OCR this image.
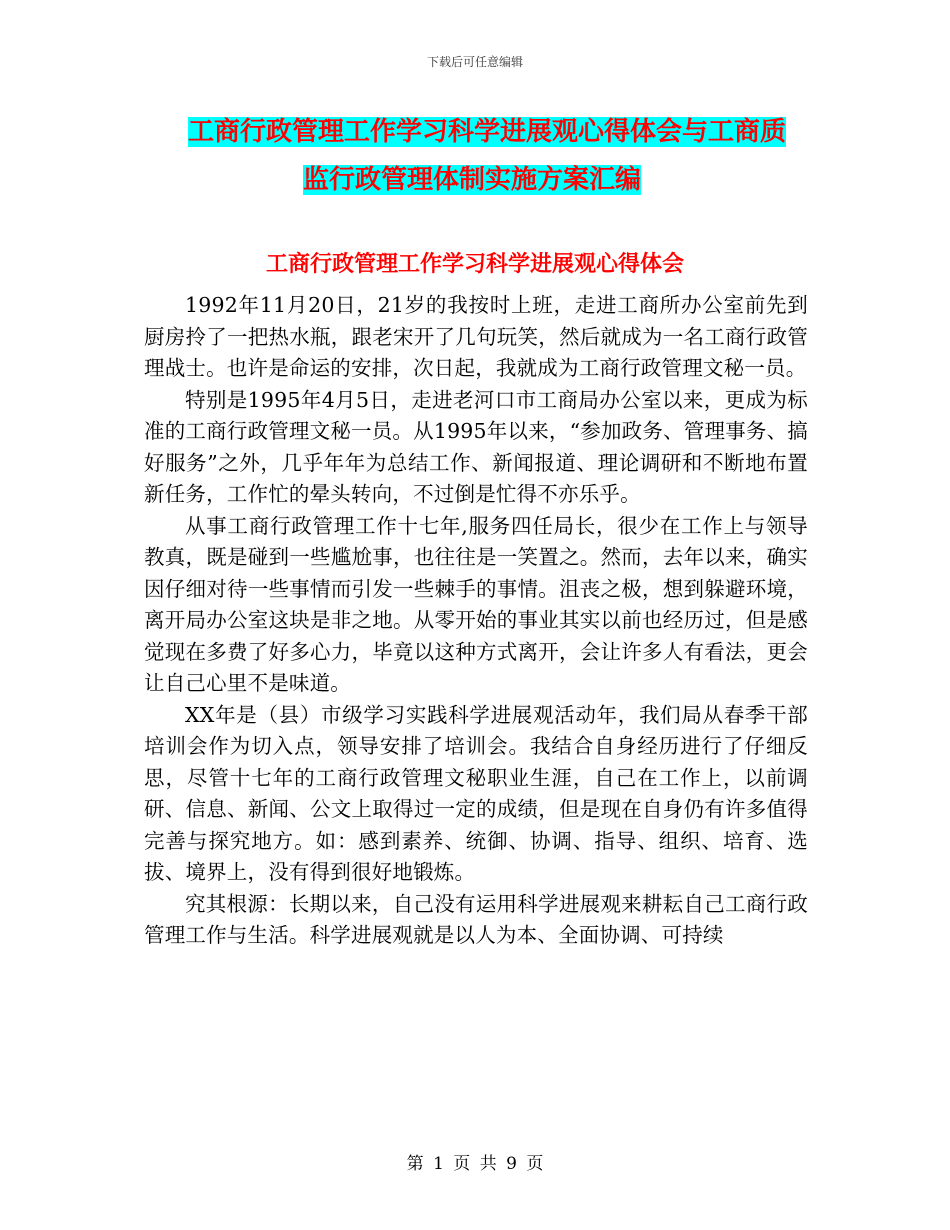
下载后可任意编辑
工商行政管理工作学习科学进展观心得体会与工商质
监行政管理体制实施方案汇编
工商行政管理工作学习科学进展观心得体会

1992年11月20日，21岁的我按时上班，走进工商所办公室前先到厨房拎了一把热水瓶，跟老宋开了几句玩笑，然后就成为一名工商行政管理战士。也许是命运的安排，次日起，我就成为工商行政管理文秘一员。

特别是1995年4月5日，走进老河口市工商局办公室以来，更成为标准的工商行政管理文秘一员。从1995年以来，“参加政务、管理事务、搞好服务”之外，几乎年年为总结工作、新闻报道、理论调研和不断地布置新任务，工作忙的晕头转向，不过倒是忙得不亦乐乎。

从事工商行政管理工作十七年,服务四任局长，很少在工作上与领导教真，既是碰到一些尴尬事，也往往是一笑置之。然而，去年以来，确实因仔细对待一些事情而引发一些棘手的事情。沮丧之极，想到躲避环境，离开局办公室这块是非之地。从零开始的事业其实以前也经历过，但是感觉现在多费了好多心力，毕竟以这种方式离开，会让许多人有看法，更会让自己心里不是味道。

XX年是（县）市级学习实践科学进展观活动年，我们局从春季干部培训会作为切入点，领导安排了培训会。我结合自身经历进行了仔细反思，尽管十七年的工商行政管理文秘职业生涯，自己在工作上，以前调研、信息、新闻、公文上取得过一定的成绩，但是现在自身仍有许多值得完善与探究地方。如：感到素养、统御、协调、指导、组织、培育、选拔、境界上，没有得到很好地锻炼。

究其根源：长期以来，自己没有运用科学进展观来耕耘自己工商行政管理工作与生活。科学进展观就是以人为本、全面协调、可持续

第 1 页 共 9 页
